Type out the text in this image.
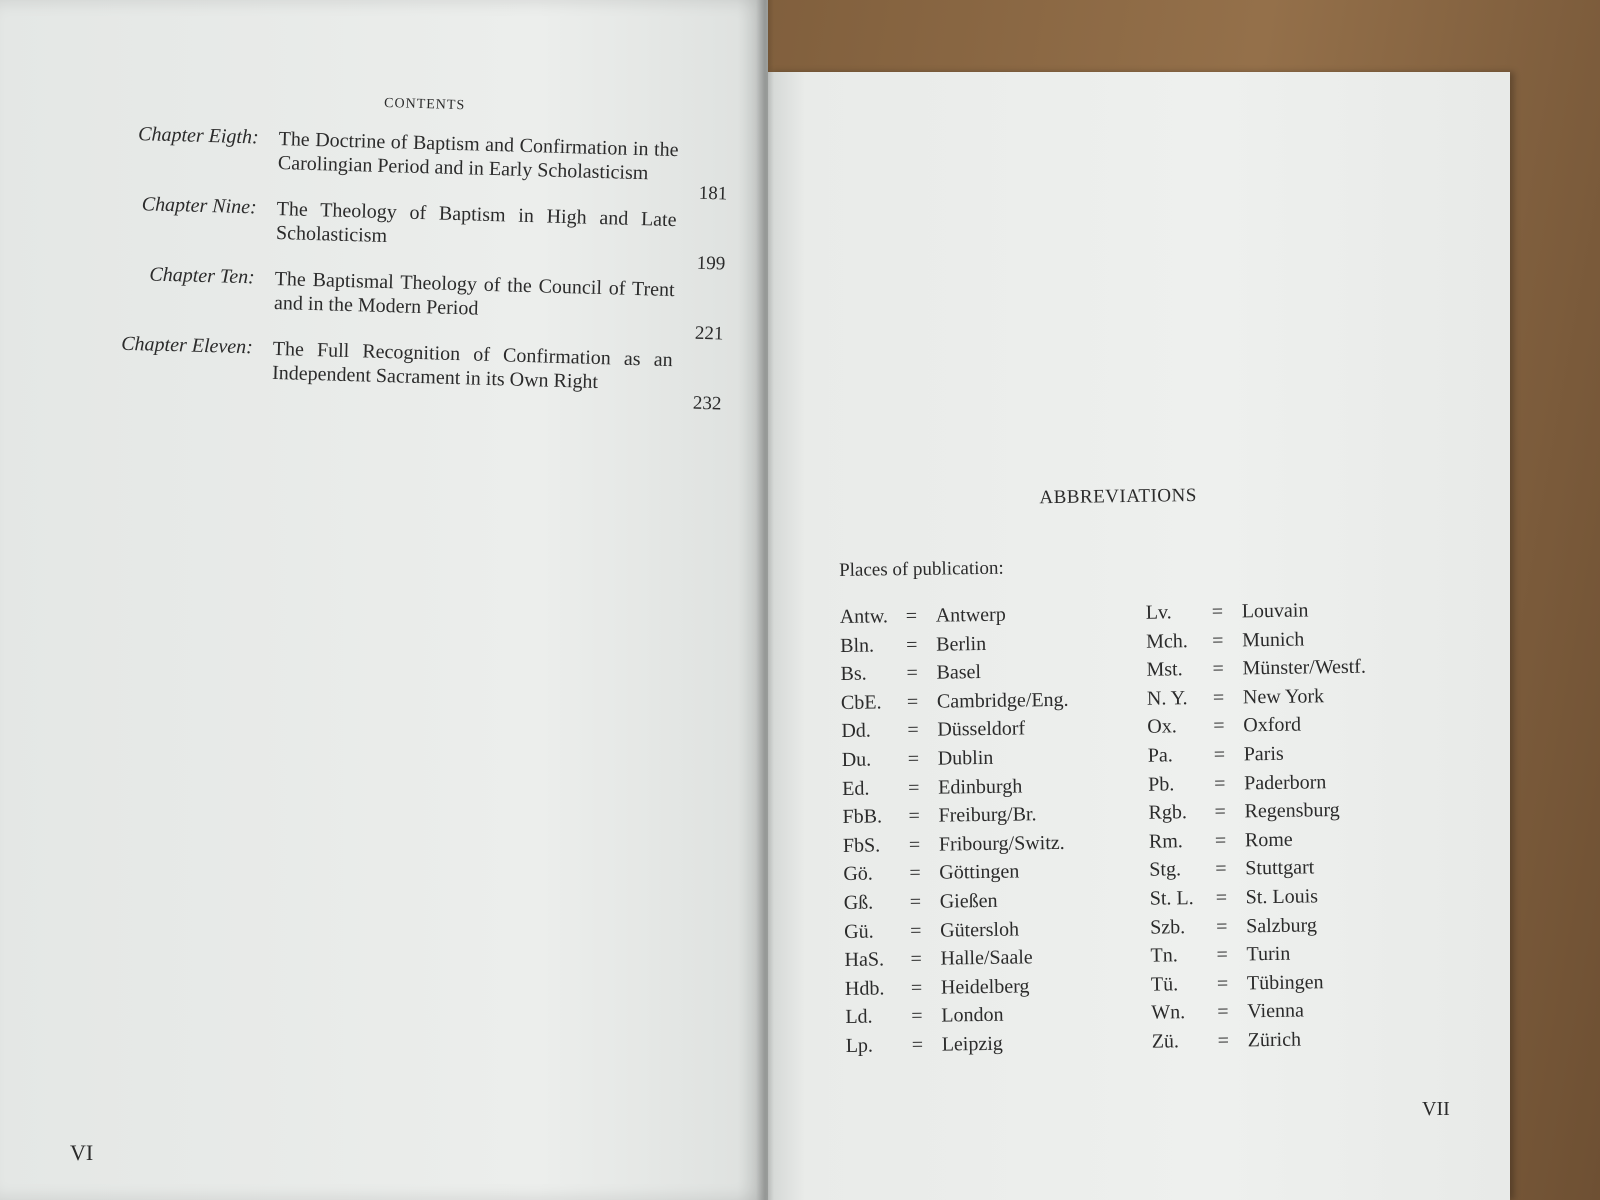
CONTENTS
Chapter Eigth: The Doctrine of Baptism and Confirmation in the Carolingian Period and in Early Scholasticism
181
Chapter Nine: The Theology of Baptism in High and Late Scholasticism
199
Chapter Ten: The Baptismal Theology of the Council of Trent and in the Modern Period
221
Chapter Eleven: The Full Recognition of Confirmation as an Independent Sacrament in its Own Right
232
VI
ABBREVIATIONS
Places of publication:
Antw. = Antwerp
Bln. = Berlin
Bs. = Basel
CbE. = Cambridge/Eng.
Dd. = Düsseldorf
Du. = Dublin
Ed. = Edinburgh
FbB. = Freiburg/Br.
FbS. = Fribourg/Switz.
Gö. = Göttingen
Gß. = Gießen
Gü. = Gütersloh
HaS. = Halle/Saale
Hdb. = Heidelberg
Ld. = London
Lp. = Leipzig
Lv. = Louvain
Mch. = Munich
Mst. = Münster/Westf.
N. Y. = New York
Ox. = Oxford
Pa. = Paris
Pb. = Paderborn
Rgb. = Regensburg
Rm. = Rome
Stg. = Stuttgart
St. L. = St. Louis
Szb. = Salzburg
Tn. = Turin
Tü. = Tübingen
Wn. = Vienna
Zü. = Zürich
VII
